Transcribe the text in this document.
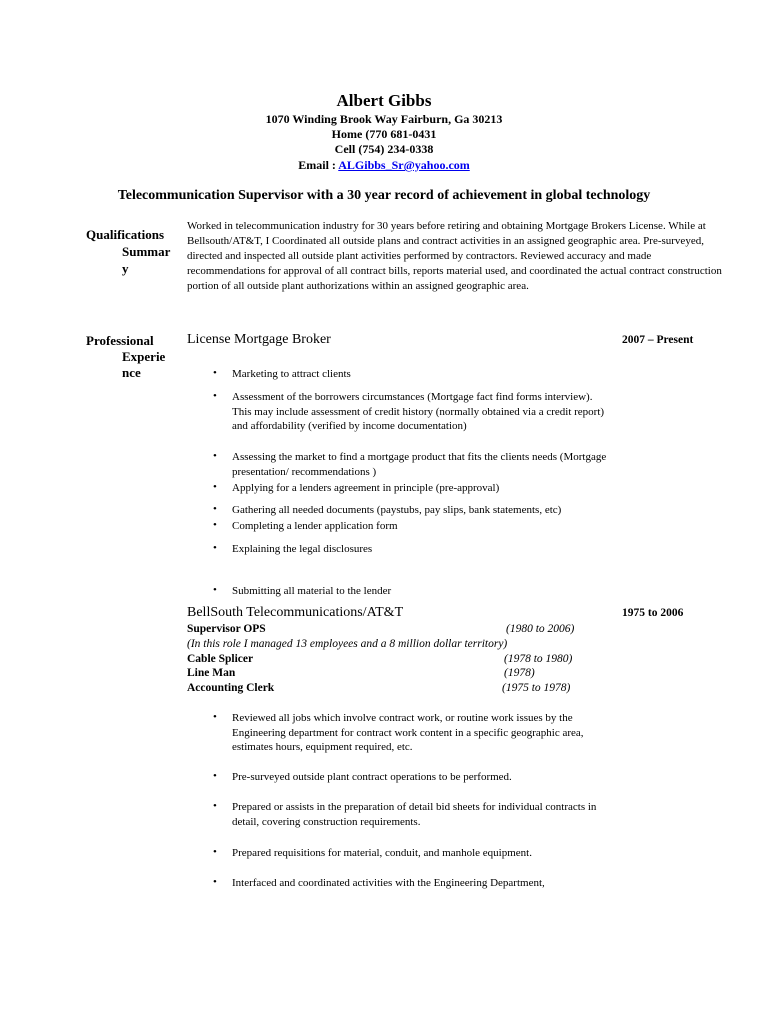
Albert Gibbs
1070 Winding Brook Way Fairburn, Ga 30213
Home (770 681-0431
Cell (754) 234-0338
Email : ALGibbs_Sr@yahoo.com
Telecommunication Supervisor with a 30 year record of achievement in global technology
Qualifications
Summar
y
Worked in telecommunication industry for 30 years before retiring and obtaining Mortgage Brokers License. While at Bellsouth/AT&T, I Coordinated all outside plans and contract activities in an assigned geographic area. Pre-surveyed, directed and inspected all outside plant activities performed by contractors. Reviewed accuracy and made recommendations for approval of all contract bills, reports material used, and coordinated the actual contract construction portion of all outside plant authorizations within an assigned geographic area.
Professional
Experie
nce
License Mortgage Broker	2007 – Present
• Marketing to attract clients
• Assessment of the borrowers circumstances (Mortgage fact find forms interview). This may include assessment of credit history (normally obtained via a credit report) and affordability (verified by income documentation)
• Assessing the market to find a mortgage product that fits the clients needs (Mortgage presentation/ recommendations )
• Applying for a lenders agreement in principle (pre-approval)
• Gathering all needed documents (paystubs, pay slips, bank statements, etc)
• Completing a lender application form
• Explaining the legal disclosures
• Submitting all material to the lender
BellSouth Telecommunications/AT&T	1975 to 2006
Supervisor OPS	(1980 to 2006)
(In this role I managed 13 employees and a 8 million dollar territory)
Cable Splicer	(1978 to 1980)
Line Man	(1978)
Accounting Clerk	(1975 to 1978)
• Reviewed all jobs which involve contract work, or routine work issues by the Engineering department for contract work content in a specific geographic area, estimates hours, equipment required, etc.
• Pre-surveyed outside plant contract operations to be performed.
• Prepared or assists in the preparation of detail bid sheets for individual contracts in detail, covering construction requirements.
• Prepared requisitions for material, conduit, and manhole equipment.
• Interfaced and coordinated activities with the Engineering Department,
